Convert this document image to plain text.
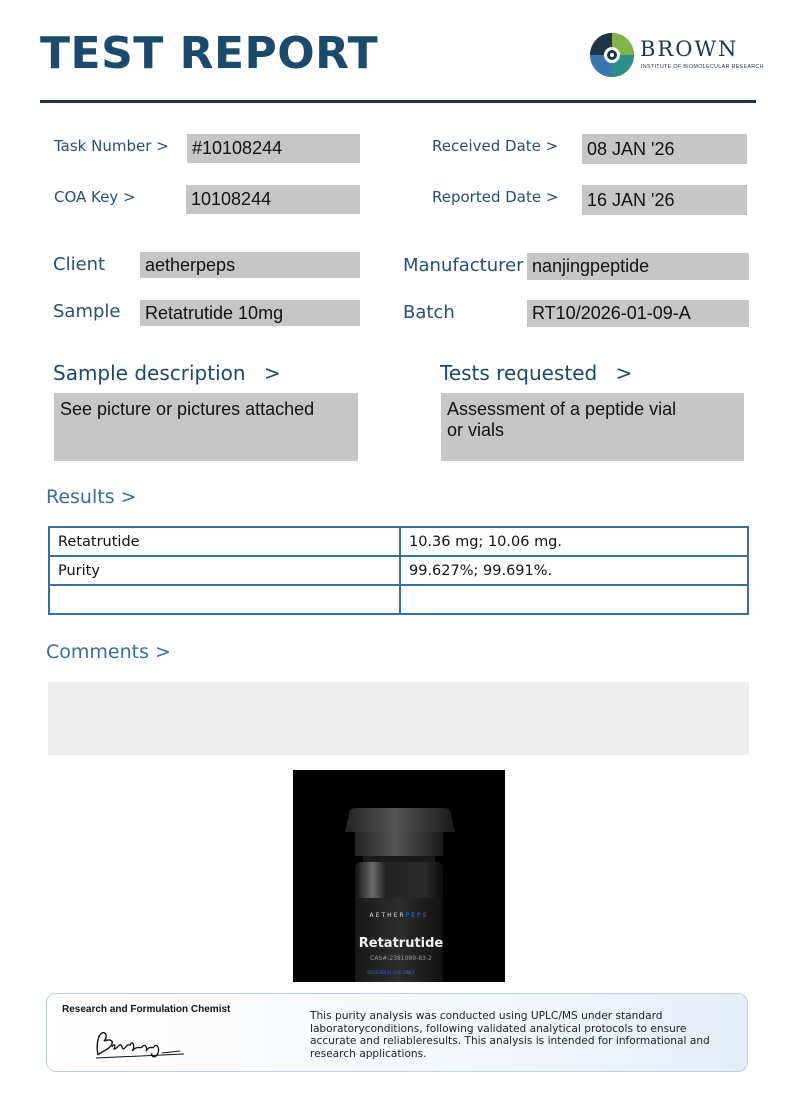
TEST REPORT	BROWN
INSTITUTE OF BIOMOLECULAR RESEARCH
Task Number > #10108244	Received Date > 08 JAN '26
COA Key >	10108244	Reported Date > 16 JAN '26
Client aetherpeps	Manufacturer nanjingpeptide
Sample Retatrutide 10mg	Batch	RT10/2026-01-09-A
Sample description >
See picture or pictures attached
Tests requested >
Assessment of a peptide vial
or vials
Results >
Retatrutide	10.36 mg; 10.06 mg.
Purity	99.627%; 99.691%.

Comments >
AETHERPEPS
Retatrutide
CAS#:2381089-83-2
RESEARCH USE ONLY
Research and Formulation Chemist
This purity analysis was conducted using UPLC/MS under standard laboratoryconditions, following validated analytical protocols to ensure accurate and reliableresults. This analysis is intended for informational and research applications.
